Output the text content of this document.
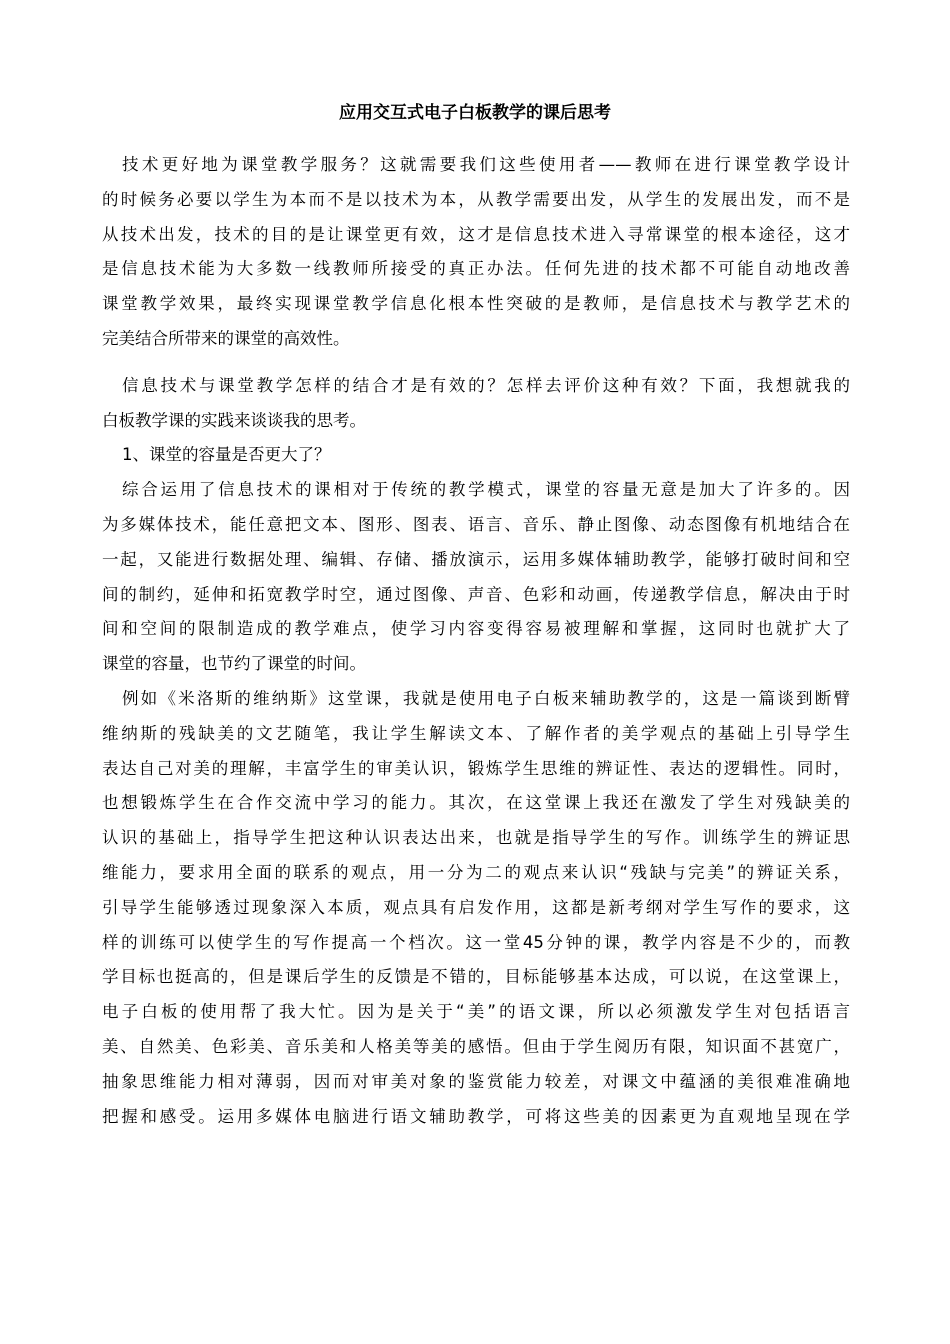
应用交互式电子白板教学的课后思考

技术更好地为课堂教学服务？这就需要我们这些使用者——教师在进行课堂教学设计
的时候务必要以学生为本而不是以技术为本，从教学需要出发，从学生的发展出发，而不是
从技术出发，技术的目的是让课堂更有效，这才是信息技术进入寻常课堂的根本途径，这才
是信息技术能为大多数一线教师所接受的真正办法。任何先进的技术都不可能自动地改善
课堂教学效果，最终实现课堂教学信息化根本性突破的是教师，是信息技术与教学艺术的
完美结合所带来的课堂的高效性。

信息技术与课堂教学怎样的结合才是有效的？怎样去评价这种有效？下面，我想就我的
白板教学课的实践来谈谈我的思考。

1、课堂的容量是否更大了？

综合运用了信息技术的课相对于传统的教学模式，课堂的容量无意是加大了许多的。因
为多媒体技术，能任意把文本、图形、图表、语言、音乐、静止图像、动态图像有机地结合在
一起，又能进行数据处理、编辑、存储、播放演示，运用多媒体辅助教学，能够打破时间和空
间的制约，延伸和拓宽教学时空，通过图像、声音、色彩和动画，传递教学信息，解决由于时
间和空间的限制造成的教学难点，使学习内容变得容易被理解和掌握，这同时也就扩大了
课堂的容量，也节约了课堂的时间。

例如《米洛斯的维纳斯》这堂课，我就是使用电子白板来辅助教学的，这是一篇谈到断臂
维纳斯的残缺美的文艺随笔，我让学生解读文本、了解作者的美学观点的基础上引导学生
表达自己对美的理解，丰富学生的审美认识，锻炼学生思维的辨证性、表达的逻辑性。同时，
也想锻炼学生在合作交流中学习的能力。其次，在这堂课上我还在激发了学生对残缺美的
认识的基础上，指导学生把这种认识表达出来，也就是指导学生的写作。训练学生的辨证思
维能力，要求用全面的联系的观点，用一分为二的观点来认识“残缺与完美”的辨证关系，
引导学生能够透过现象深入本质，观点具有启发作用，这都是新考纲对学生写作的要求，这
样的训练可以使学生的写作提高一个档次。这一堂45分钟的课，教学内容是不少的，而教
学目标也挺高的，但是课后学生的反馈是不错的，目标能够基本达成，可以说，在这堂课上，
电子白板的使用帮了我大忙。因为是关于“美”的语文课，所以必须激发学生对包括语言
美、自然美、色彩美、音乐美和人格美等美的感悟。但由于学生阅历有限，知识面不甚宽广，
抽象思维能力相对薄弱，因而对审美对象的鉴赏能力较差，对课文中蕴涵的美很难准确地
把握和感受。运用多媒体电脑进行语文辅助教学，可将这些美的因素更为直观地呈现在学
